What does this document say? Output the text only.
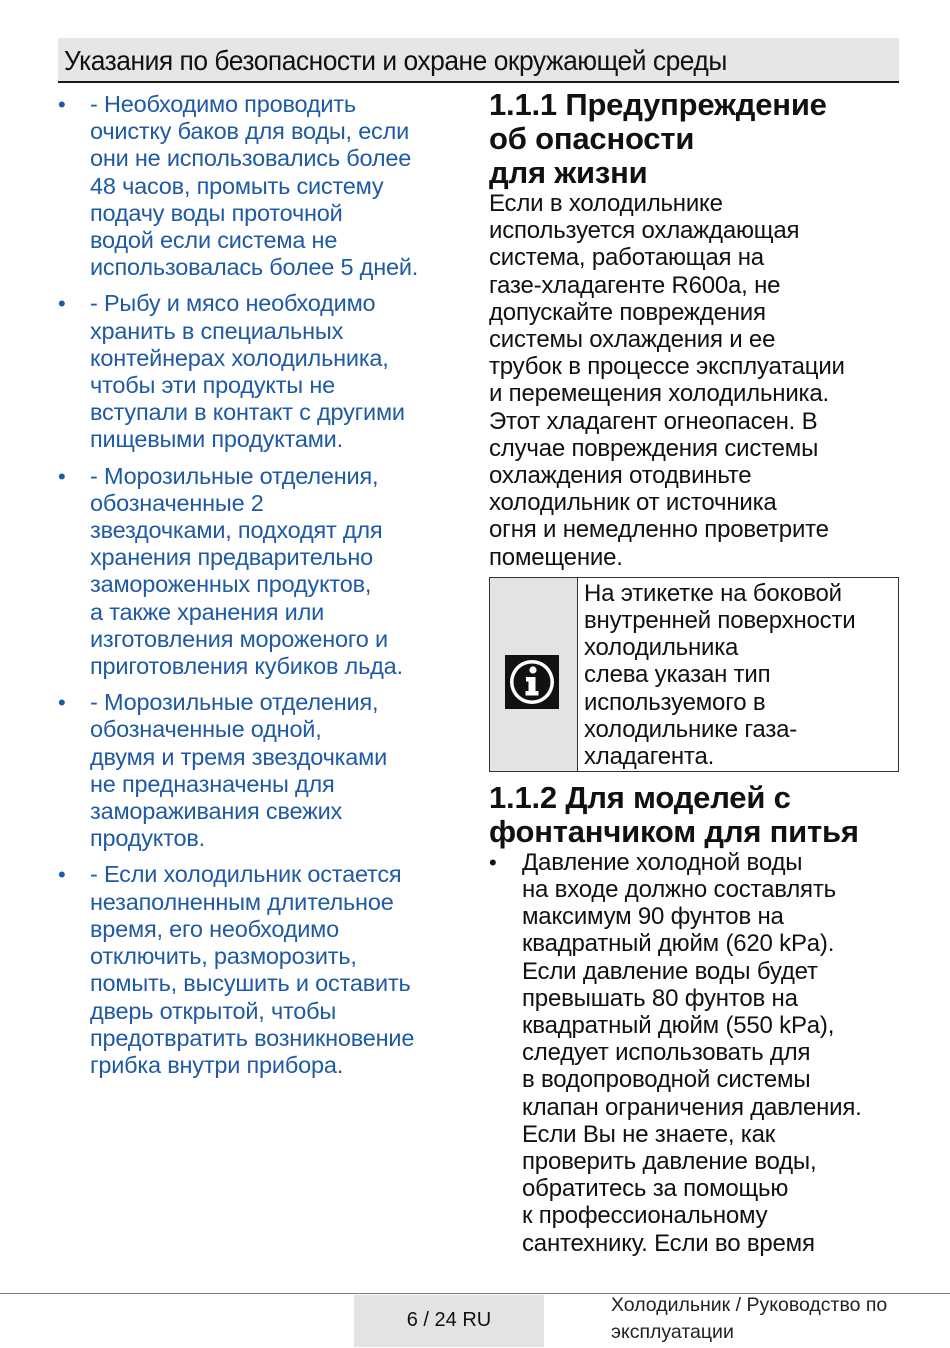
Указания по безопасности и охране окружающей среды
• - Необходимо проводить
очистку баков для воды, если
они не использовались более
48 часов, промыть систему
подачу воды проточной
водой если система не
использовалась более 5 дней.
• - Рыбу и мясо необходимо
хранить в специальных
контейнерах холодильника,
чтобы эти продукты не
вступали в контакт с другими
пищевыми продуктами.
• - Морозильные отделения,
обозначенные 2
звездочками, подходят для
хранения предварительно
замороженных продуктов,
а также хранения или
изготовления мороженого и
приготовления кубиков льда.
• - Морозильные отделения,
обозначенные одной,
двумя и тремя звездочками
не предназначены для
замораживания свежих
продуктов.
• - Если холодильник остается
незаполненным длительное
время, его необходимо
отключить, разморозить,
помыть, высушить и оставить
дверь открытой, чтобы
предотвратить возникновение
грибка внутри прибора.
1.1.1 Предупреждение
об опасности
для жизни
Если в холодильнике
используется охлаждающая
система, работающая на
газе-хладагенте R600a, не
допускайте повреждения
системы охлаждения и ее
трубок в процессе эксплуатации
и перемещения холодильника.
Этот хладагент огнеопасен. В
случае повреждения системы
охлаждения отодвиньте
холодильник от источника
огня и немедленно проветрите
помещение.
На этикетке на боковой
внутренней поверхности
холодильника
слева указан тип
используемого в
холодильнике газа-
хладагента.
1.1.2 Для моделей с
фонтанчиком для питья
• Давление холодной воды
на входе должно составлять
максимум 90 фунтов на
квадратный дюйм (620 kPa).
Если давление воды будет
превышать 80 фунтов на
квадратный дюйм (550 kPa),
следует использовать для
в водопроводной системы
клапан ограничения давления.
Если Вы не знаете, как
проверить давление воды,
обратитесь за помощью
к профессиональному
сантехнику. Если во время
6 / 24 RU
Холодильник / Руководство по
эксплуатации
